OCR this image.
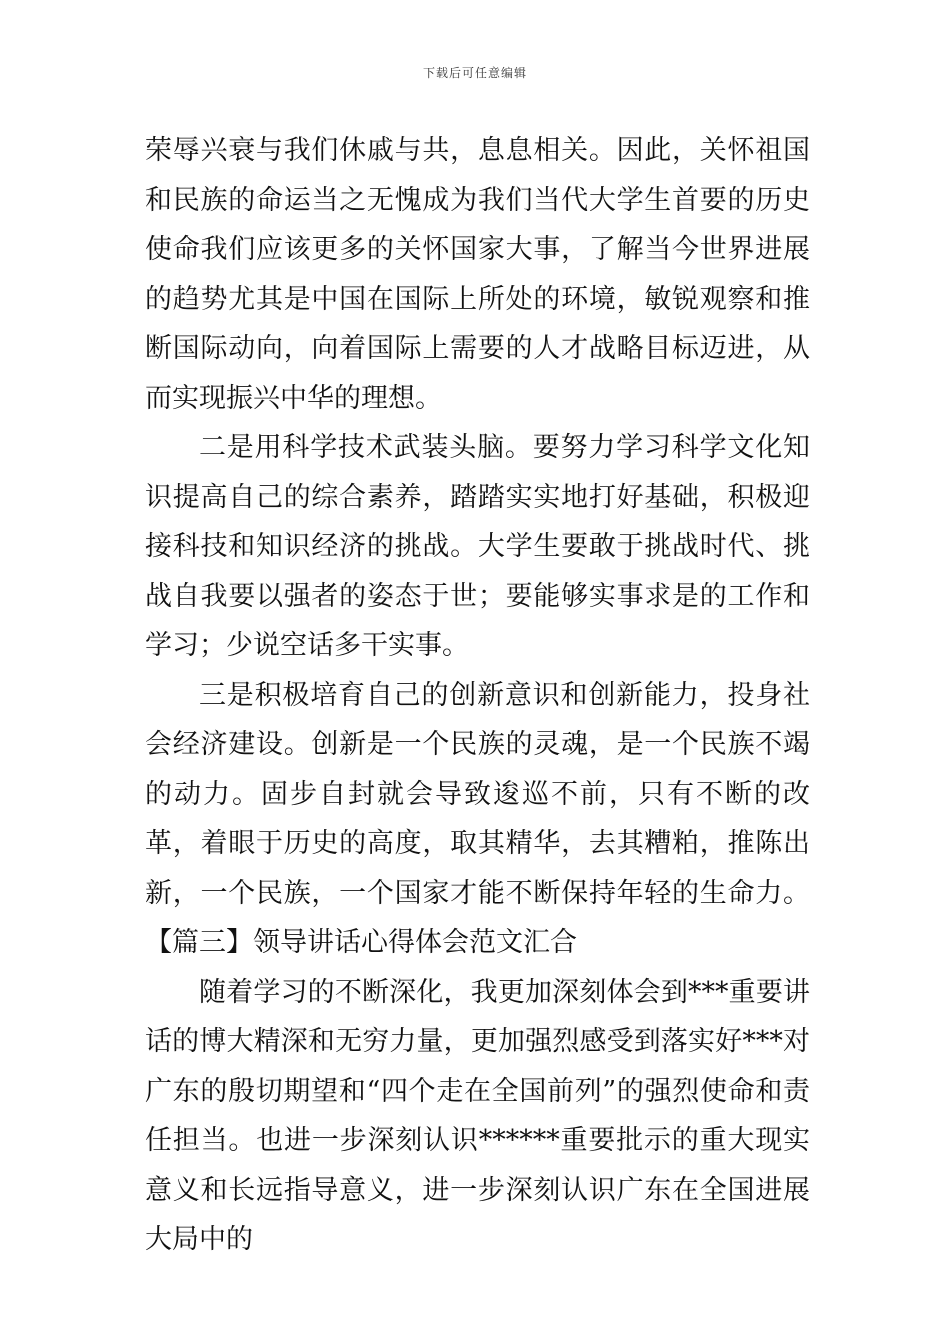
下载后可任意编辑

荣辱兴衰与我们休戚与共，息息相关。因此，关怀祖国和民族的命运当之无愧成为我们当代大学生首要的历史使命我们应该更多的关怀国家大事，了解当今世界进展的趋势尤其是中国在国际上所处的环境，敏锐观察和推断国际动向，向着国际上需要的人才战略目标迈进，从而实现振兴中华的理想。

二是用科学技术武装头脑。要努力学习科学文化知识提高自己的综合素养，踏踏实实地打好基础，积极迎接科技和知识经济的挑战。大学生要敢于挑战时代、挑战自我要以强者的姿态于世；要能够实事求是的工作和学习；少说空话多干实事。

三是积极培育自己的创新意识和创新能力，投身社会经济建设。创新是一个民族的灵魂，是一个民族不竭的动力。固步自封就会导致逡巡不前，只有不断的改革，着眼于历史的高度，取其精华，去其糟粕，推陈出新，一个民族，一个国家才能不断保持年轻的生命力。【篇三】领导讲话心得体会范文汇合

随着学习的不断深化，我更加深刻体会到***重要讲话的博大精深和无穷力量，更加强烈感受到落实好***对广东的殷切期望和“四个走在全国前列”的强烈使命和责任担当。也进一步深刻认识******重要批示的重大现实意义和长远指导意义，进一步深刻认识广东在全国进展大局中的
